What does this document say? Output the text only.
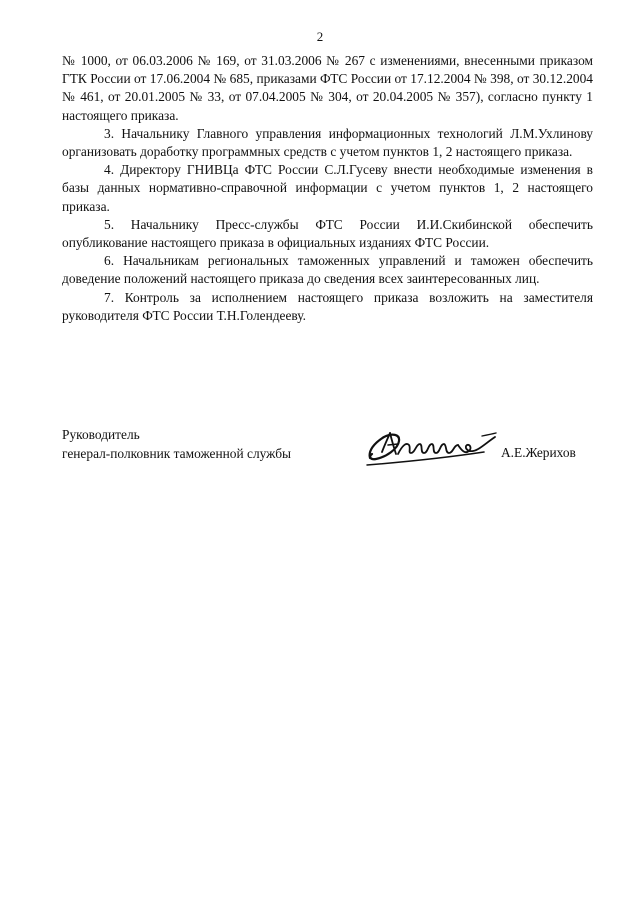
2

№ 1000, от 06.03.2006 № 169, от 31.03.2006 № 267 с изменениями, внесенными приказом ГТК России от 17.06.2004 № 685, приказами ФТС России от 17.12.2004 № 398, от 30.12.2004 № 461, от 20.01.2005 № 33, от 07.04.2005 № 304, от 20.04.2005 № 357), согласно пункту 1 настоящего приказа.

3. Начальнику Главного управления информационных технологий Л.М.Ухлинову организовать доработку программных средств с учетом пунктов 1, 2 настоящего приказа.

4. Директору ГНИВЦа ФТС России С.Л.Гусеву внести необходимые изменения в базы данных нормативно-справочной информации с учетом пунктов 1, 2 настоящего приказа.

5. Начальнику Пресс-службы ФТС России И.И.Скибинской обеспечить опубликование настоящего приказа в официальных изданиях ФТС России.

6. Начальникам региональных таможенных управлений и таможен обеспечить доведение положений настоящего приказа до сведения всех заинтересованных лиц.

7. Контроль за исполнением настоящего приказа возложить на заместителя руководителя ФТС России Т.Н.Голендееву.

Руководитель
генерал-полковник таможенной службы	А.Е.Жерихов
